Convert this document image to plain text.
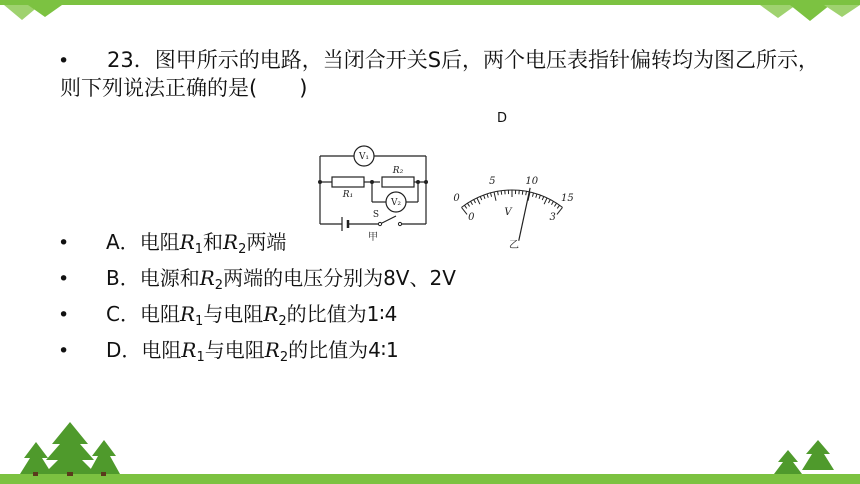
•	23．图甲所示的电路，当闭合开关S后，两个电压表指针偏转均为图乙所示，则下列说法正确的是(　　)
D
V₁
V₂
R₁
R₂
S
甲
0
5	10
15
0	3
V
乙
• A．电阻$R_1$和$R_2$两端
• B．电源和$R_2$两端的电压分别为8V、2V
• C．电阻$R_1$与电阻$R_2$的比值为1∶4
• D．电阻$R_1$与电阻$R_2$的比值为4∶1
